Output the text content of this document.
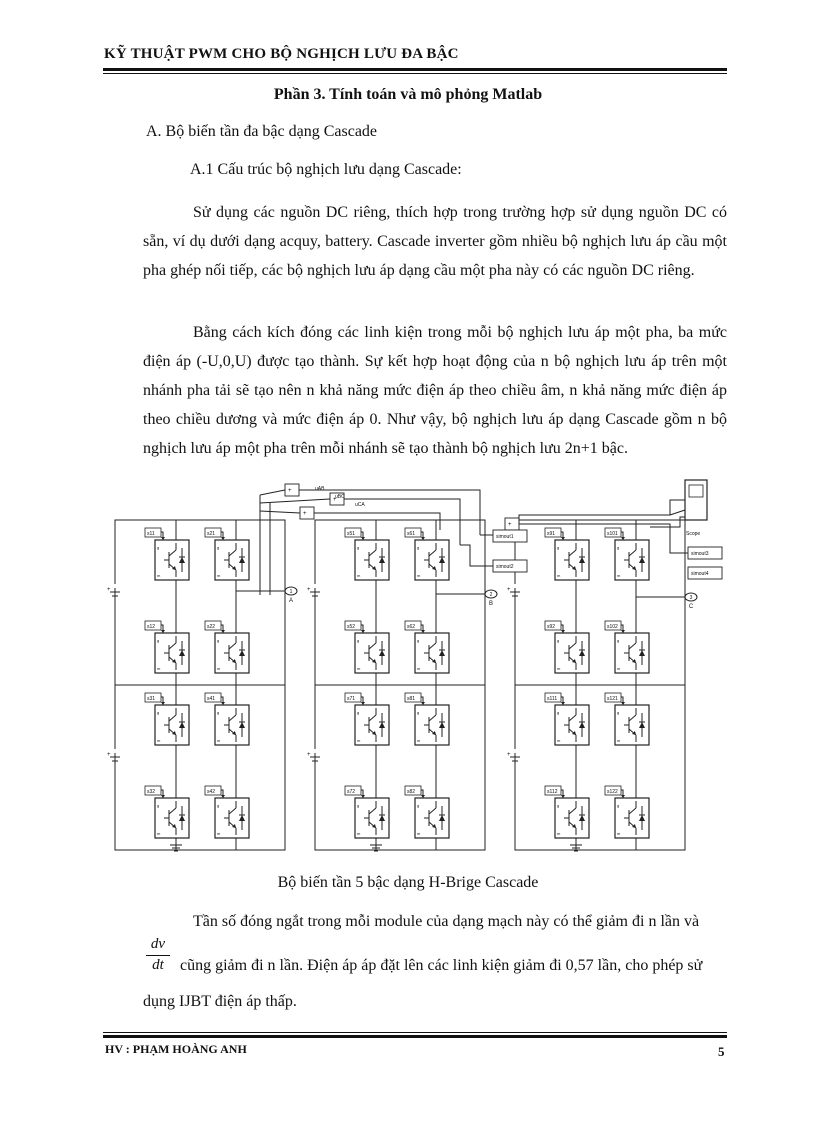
KỸ THUẬT PWM CHO BỘ NGHỊCH LƯU ĐA BẬC
Phần 3. Tính toán và mô phỏng Matlab
A. Bộ biến tần đa bậc dạng Cascade
A.1 Cấu trúc bộ nghịch lưu dạng Cascade:

Sử dụng các nguồn DC riêng, thích hợp trong trường hợp sử dụng nguồn DC có sẵn, ví dụ dưới dạng acquy, battery. Cascade inverter gồm nhiều bộ nghịch lưu áp cầu một pha ghép nối tiếp, các bộ nghịch lưu áp dạng cầu một pha này có các nguồn DC riêng.

Bằng cách kích đóng các linh kiện trong mỗi bộ nghịch lưu áp một pha, ba mức điện áp (-U,0,U) được tạo thành. Sự kết hợp hoạt động của n bộ nghịch lưu áp trên một nhánh pha tải sẽ tạo nên n khả năng mức điện áp theo chiều âm, n khả năng mức điện áp theo chiều dương và mức điện áp 0. Như vậy, bộ nghịch lưu áp dạng Cascade gồm n bộ nghịch lưu áp một pha trên mỗi nhánh sẽ tạo thành bộ nghịch lưu 2n+1 bậc.

+
g
m
s11
g
m
s21
g
m
s12
g
m
s22
+
g
m
s51
g
m
s61
g
m
s52
g
m
s62
+
g
m
s91
g
m
s101
g
m
s92
g
m
s102
+
g
m
s31
g
m
s41
g
m
s32
g
m
s42
+
g
m
s71
g
m
s81
g
m
s72
g
m
s82
+
g
m
s111
g
m
s121
g
m
s112
g
m
s122
1
A
2
B
3
C
+
+
+
+
uAB
uBC
uCA
simout1
simout2
simout3
simout4
Scope
Bộ biến tần 5 bậc dạng H-Brige Cascade

Tần số đóng ngắt trong mỗi module của dạng mạch này có thể giảm đi n lần và

dv
dt	cũng giảm đi n lần. Điện áp áp đặt lên các linh kiện giảm đi 0,57 lần, cho phép sử

dụng IJBT điện áp thấp.

HV : PHẠM HOÀNG ANH	5
